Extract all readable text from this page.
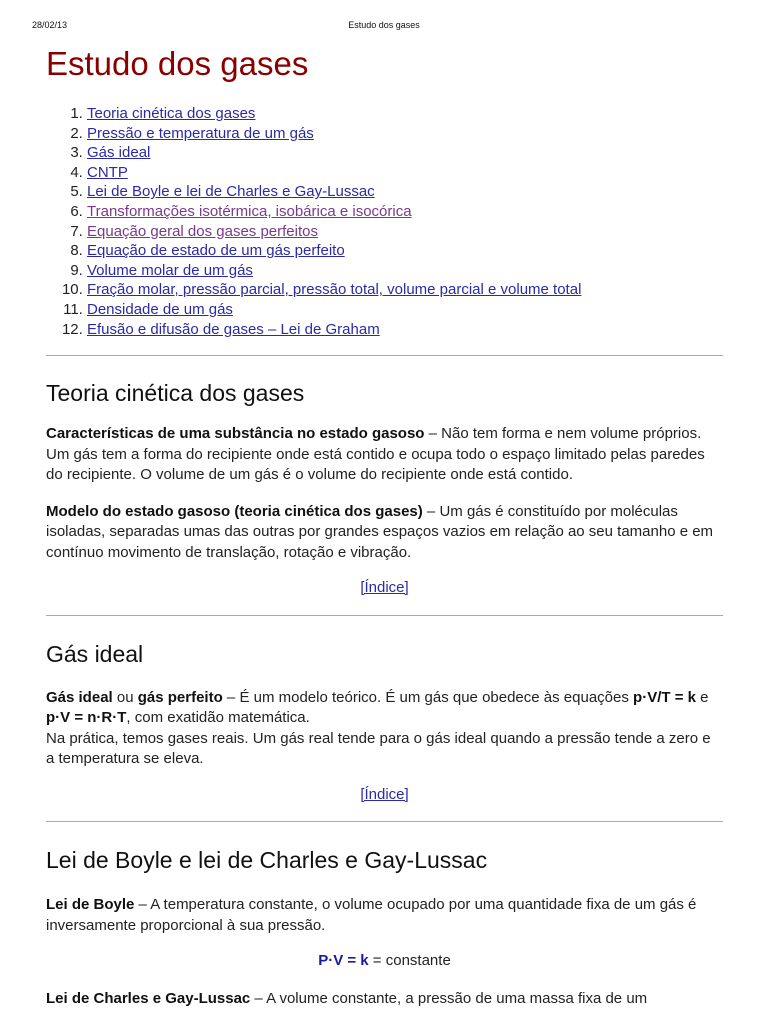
28/02/13	Estudo dos gases
Estudo dos gases
1. Teoria cinética dos gases
2. Pressão e temperatura de um gás
3. Gás ideal
4. CNTP
5. Lei de Boyle e lei de Charles e Gay-Lussac
6. Transformações isotérmica, isobárica e isocórica
7. Equação geral dos gases perfeitos
8. Equação de estado de um gás perfeito
9. Volume molar de um gás
10. Fração molar, pressão parcial, pressão total, volume parcial e volume total
11. Densidade de um gás
12. Efusão e difusão de gases – Lei de Graham
Teoria cinética dos gases

Características de uma substância no estado gasoso – Não tem forma e nem volume próprios. Um gás tem a forma do recipiente onde está contido e ocupa todo o espaço limitado pelas paredes do recipiente. O volume de um gás é o volume do recipiente onde está contido.

Modelo do estado gasoso (teoria cinética dos gases) – Um gás é constituído por moléculas isoladas, separadas umas das outras por grandes espaços vazios em relação ao seu tamanho e em contínuo movimento de translação, rotação e vibração.

[Índice]

Gás ideal

Gás ideal ou gás perfeito – É um modelo teórico. É um gás que obedece às equações p·V/T = k e p·V = n·R·T, com exatidão matemática.

Na prática, temos gases reais. Um gás real tende para o gás ideal quando a pressão tende a zero e a temperatura se eleva.

[Índice]

Lei de Boyle e lei de Charles e Gay-Lussac

Lei de Boyle – A temperatura constante, o volume ocupado por uma quantidade fixa de um gás é inversamente proporcional à sua pressão.

P·V = k = constante

Lei de Charles e Gay-Lussac – A volume constante, a pressão de uma massa fixa de um
